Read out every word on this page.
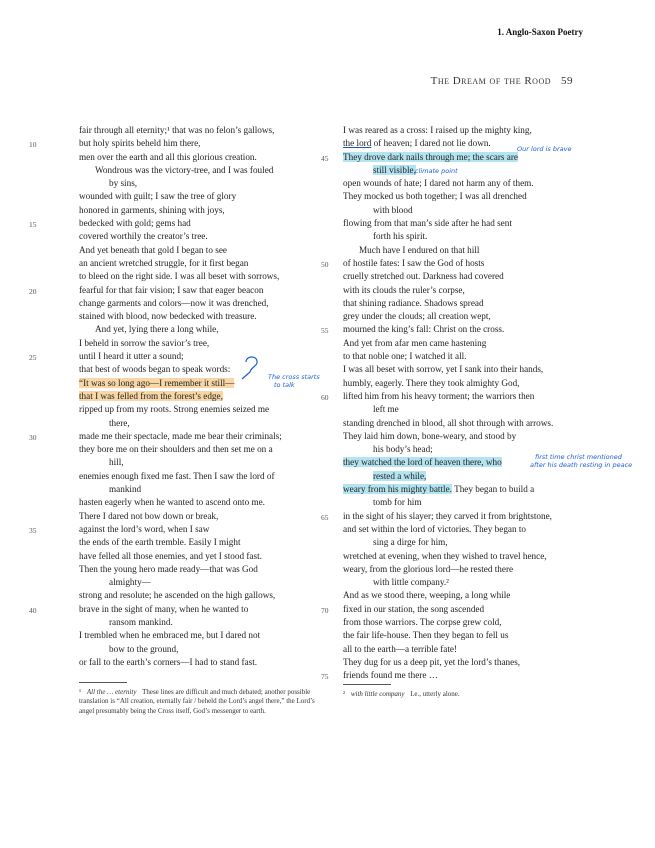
1. Anglo-Saxon Poetry
The Dream of the Rood 59
fair through all eternity;¹ that was no felon’s gallows,
10	but holy spirits beheld him there,
men over the earth and all this glorious creation.
Wondrous was the victory-tree, and I was fouled
by sins,
wounded with guilt; I saw the tree of glory
honored in garments, shining with joys,
15	bedecked with gold; gems had
covered worthily the creator’s tree.
And yet beneath that gold I began to see
an ancient wretched struggle, for it first began
to bleed on the right side. I was all beset with sorrows,
20	fearful for that fair vision; I saw that eager beacon
change garments and colors—now it was drenched,
stained with blood, now bedecked with treasure.
And yet, lying there a long while,
I beheld in sorrow the savior’s tree,
25	until I heard it utter a sound;
that best of woods began to speak words:
“It was so long ago—I remember it still—
that I was felled from the forest’s edge,
ripped up from my roots. Strong enemies seized me
there,
30	made me their spectacle, made me bear their criminals;
they bore me on their shoulders and then set me on a
hill,
enemies enough fixed me fast. Then I saw the lord of
mankind
hasten eagerly when he wanted to ascend onto me.
There I dared not bow down or break,
35	against the lord’s word, when I saw
the ends of the earth tremble. Easily I might
have felled all those enemies, and yet I stood fast.
Then the young hero made ready—that was God
almighty—
strong and resolute; he ascended on the high gallows,
40	brave in the sight of many, when he wanted to
ransom mankind.
I trembled when he embraced me, but I dared not
bow to the ground,
or fall to the earth’s corners—I had to stand fast.
I was reared as a cross: I raised up the mighty king,
the lord of heaven; I dared not lie down.
45 They drove dark nails through me; the scars are
still visible,
open wounds of hate; I dared not harm any of them.
They mocked us both together; I was all drenched
with blood
flowing from that man’s side after he had sent
forth his spirit.
Much have I endured on that hill
50 of hostile fates: I saw the God of hosts
cruelly stretched out. Darkness had covered
with its clouds the ruler’s corpse,
that shining radiance. Shadows spread
grey under the clouds; all creation wept,
55 mourned the king’s fall: Christ on the cross.
And yet from afar men came hastening
to that noble one; I watched it all.
I was all beset with sorrow, yet I sank into their hands,
humbly, eagerly. There they took almighty God,
60 lifted him from his heavy torment; the warriors then
left me
standing drenched in blood, all shot through with arrows.
They laid him down, bone-weary, and stood by
his body’s head;
they watched the lord of heaven there, who
rested a while,
weary from his mighty battle. They began to build a
tomb for him
65 in the sight of his slayer; they carved it from brightstone,
and set within the lord of victories. They began to
sing a dirge for him,
wretched at evening, when they wished to travel hence,
weary, from the glorious lord—he rested there
with little company.²
And as we stood there, weeping, a long while
70 fixed in our station, the song ascended
from those warriors. The corpse grew cold,
the fair life-house. Then they began to fell us
all to the earth—a terrible fate!
They dug for us a deep pit, yet the lord’s thanes,
75 friends found me there …
The cross starts
to talk
Our lord is brave
climate point
first time christ mentioned
after his death resting in peace
¹ All the … eternity These lines are difficult and much debated; another possible translation is “All creation, eternally fair / beheld the Lord’s angel there,” the Lord’s angel presumably being the Cross itself, God’s messenger to earth.
² with little company I.e., utterly alone.
